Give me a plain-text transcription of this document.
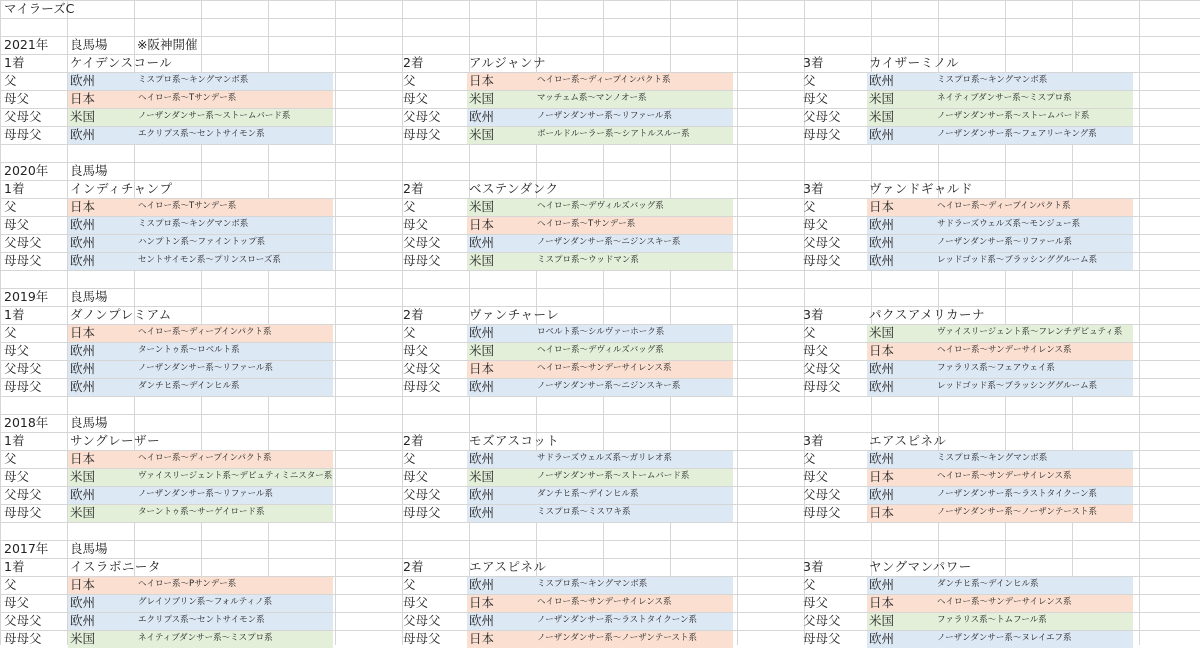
マイラーズC
2021年 良馬場 ※阪神開催
1着	ケイデンスコール
父	欧州	ミスプロ系～キングマンボ系
母父	日本	ヘイロー系～Tサンデー系
父母父 米国	ノーザンダンサー系～ストームバード系
母母父 欧州	エクリプス系～セントサイモン系
2着	アルジャンナ
父	日本	ヘイロー系～ディープインパクト系
母父	米国	マッチェム系～マンノオー系
父母父 欧州	ノーザンダンサー系～リファール系
母母父 米国	ボールドルーラー系～シアトルスルー系
3着	カイザーミノル
父	欧州	ミスプロ系～キングマンボ系
母父	米国	ネイティブダンサー系～ミスプロ系
父母父 米国	ノーザンダンサー系～ストームバード系
母母父 欧州	ノーザンダンサー系～フェアリーキング系
2020年 良馬場
1着	インディチャンプ
父	日本	ヘイロー系～Tサンデー系
母父	欧州	ミスプロ系～キングマンボ系
父母父 欧州	ハンプトン系～ファイントップ系
母母父 欧州	セントサイモン系～プリンスローズ系
2着	ベステンダンク
父	米国	ヘイロー系～デヴィルズバッグ系
母父	日本	ヘイロー系～Tサンデー系
父母父 欧州	ノーザンダンサー系～ニジンスキー系
母母父 米国	ミスプロ系～ウッドマン系
3着	ヴァンドギャルド
父	日本	ヘイロー系～ディープインパクト系
母父	欧州	サドラーズウェルズ系～モンジュー系
父母父 欧州	ノーザンダンサー系～リファール系
母母父 欧州	レッドゴッド系～ブラッシンググルーム系
2019年 良馬場
1着	ダノンプレミアム
父	日本	ヘイロー系～ディープインパクト系
母父	欧州	ターントゥ系～ロベルト系
父母父 欧州	ノーザンダンサー系～リファール系
母母父 欧州	ダンチヒ系～デインヒル系
2着	ヴァンチャーレ
父	欧州	ロベルト系～シルヴァーホーク系
母父	米国	ヘイロー系～デヴィルズバッグ系
父母父 日本	ヘイロー系～サンデーサイレンス系
母母父 欧州	ノーザンダンサー系～ニジンスキー系
3着	パクスアメリカーナ
父	米国	ヴァイスリージェント系～フレンチデピュティ系
母父	日本	ヘイロー系～サンデーサイレンス系
父母父 欧州	ファラリス系～フェアウェイ系
母母父 欧州	レッドゴッド系～ブラッシンググルーム系
2018年 良馬場
1着	サングレーザー
父	日本	ヘイロー系～ディープインパクト系
母父	米国	ヴァイスリージェント系～デピュティミニスター系
父母父 欧州	ノーザンダンサー系～リファール系
母母父 米国	ターントゥ系～サーゲイロード系
2着	モズアスコット
父	欧州	サドラーズウェルズ系～ガリレオ系
母父	米国	ノーザンダンサー系～ストームバード系
父母父 欧州	ダンチヒ系～デインヒル系
母母父 欧州	ミスプロ系～ミスワキ系
3着	エアスピネル
父	欧州	ミスプロ系～キングマンボ系
母父	日本	ヘイロー系～サンデーサイレンス系
父母父 欧州	ノーザンダンサー系～ラストタイクーン系
母母父 日本	ノーザンダンサー系～ノーザンテースト系
2017年 良馬場
1着	イスラボニータ
父	日本	ヘイロー系～Pサンデー系
母父	欧州	グレイソブリン系～フォルティノ系
父母父 欧州	エクリプス系～セントサイモン系
母母父 米国	ネイティブダンサー系～ミスプロ系
2着	エアスピネル
父	欧州	ミスプロ系～キングマンボ系
母父	日本	ヘイロー系～サンデーサイレンス系
父母父 欧州	ノーザンダンサー系～ラストタイクーン系
母母父 日本	ノーザンダンサー系～ノーザンテースト系
3着	ヤングマンパワー
父	欧州	ダンチヒ系～デインヒル系
母父	日本	ヘイロー系～サンデーサイレンス系
父母父 米国	ファラリス系～トムフール系
母母父 欧州	ノーザンダンサー系～ヌレイエフ系
